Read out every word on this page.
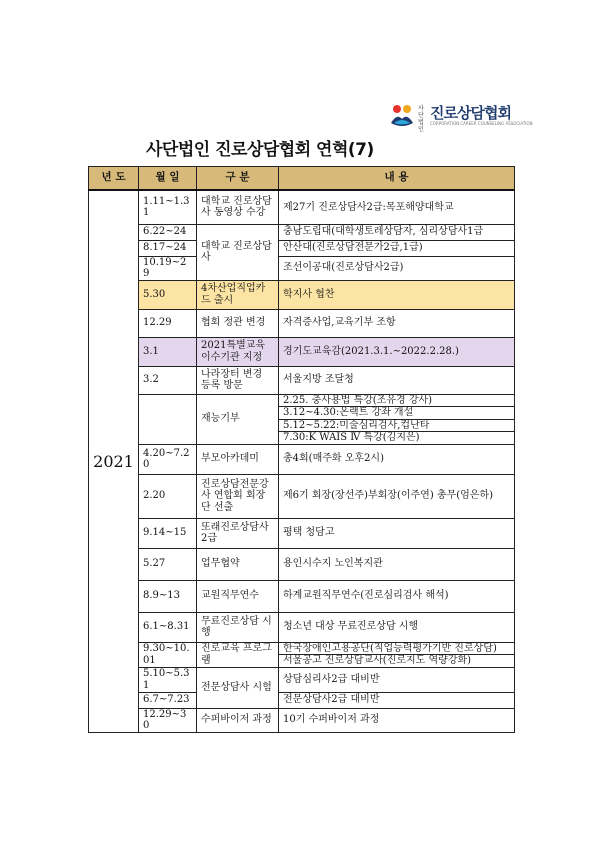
사단법인
진로상담협회
CORPORATION CAREER COUNSELING ASSOCIATION
사단법인 진로상담협회 연혁(7)
년 도	월 일	구 분	내 용
2021	1.11~1.31	대학교 진로상담사 동영상 수강	제27기 진로상담사2급:목포해양대학교
	6.22~24	대학교 진로상담사	충남도립대(대학생토레상담자, 심리상담사1급
	8.17~24		안산대(진로상담전문가2급,1급)
	10.19~29		조선이공대(진로상담사2급)
	5.30	4차산업직업카드 출시	학지사 협찬
	12.29	협회 정관 변경	자격증사업,교육기부 조항
	3.1	2021특별교육 이수기관 지정	경기도교육감(2021.3.1.~2022.2.28.)
	3.2	나라장터 변경 등록 방문	서울지방 조달청
		재능기부	2.25. 충사용법 특강(조유경 강사)
			3.12~4.30:온랙트 강좌 개설
			5.12~5.22:미술심리검사,컵난타
			7.30:K WAIS Ⅳ 특강(김지은)
	4.20~7.20	부모아카데미	총4회(매주화 오후2시)
	2.20	진로상담전문강사 연합회 회장단 선출	제6기 회장(장선주)부회장(이주연) 총무(엄은하)
	9.14~15	또래진로상담사 2급	평택 청담고
	5.27	업무협약	용인시수지 노인복지관
	8.9~13	교원직무연수	하계교원직무연수(진로심리검사 해석)
	6.1~8.31	무료진로상담 시행	청소년 대상 무료진로상담 시행
	9.30~10.01	진로교육 프로그램	한국장애인고용공단(직업능력평가기반 진로상담)
			서울공고 진로상담교사(진로지도 역량강화)
	5.10~5.31	전문상담사 시험	상담심리사2급 대비반
	6.7~7.23		전문상담사2급 대비반
	12.29~30	수퍼바이저 과정	10기 수퍼바이저 과정
